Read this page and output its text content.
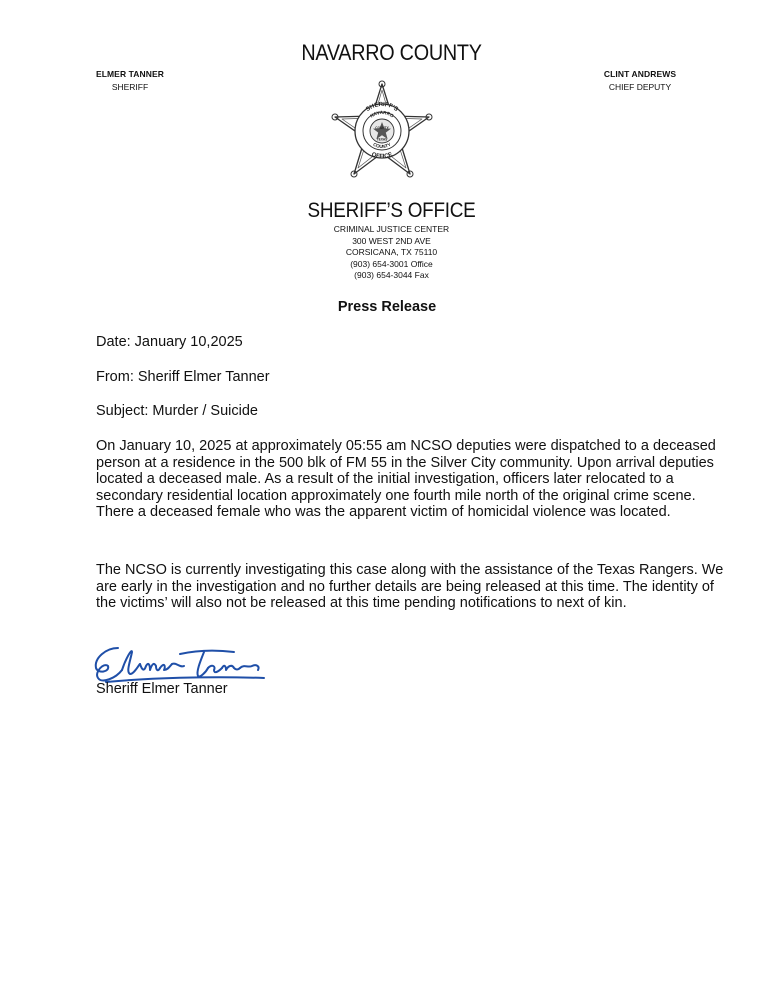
ELMER TANNER
SHERIFF
NAVARRO COUNTY
CLINT ANDREWS
CHIEF DEPUTY
SHERIFF’S
NAVARRO
COUNTY
OFFICE
COUNTY
TEXAS
SHERIFF’S OFFICE
CRIMINAL JUSTICE CENTER
300 WEST 2ND AVE
CORSICANA, TX 75110
(903) 654-3001 Office
(903) 654-3044 Fax
Press Release
Date: January 10,2025
From: Sheriff Elmer Tanner
Subject: Murder / Suicide
On January 10, 2025 at approximately 05:55 am NCSO deputies were dispatched to a deceased person at a residence in the 500 blk of FM 55 in the Silver City community. Upon arrival deputies located a deceased male. As a result of the initial investigation, officers later relocated to a secondary residential location approximately one fourth mile north of the original crime scene. There a deceased female who was the apparent victim of homicidal violence was located.
The NCSO is currently investigating this case along with the assistance of the Texas Rangers. We are early in the investigation and no further details are being released at this time. The identity of the victims’ will also not be released at this time pending notifications to next of kin.
Sheriff Elmer Tanner
